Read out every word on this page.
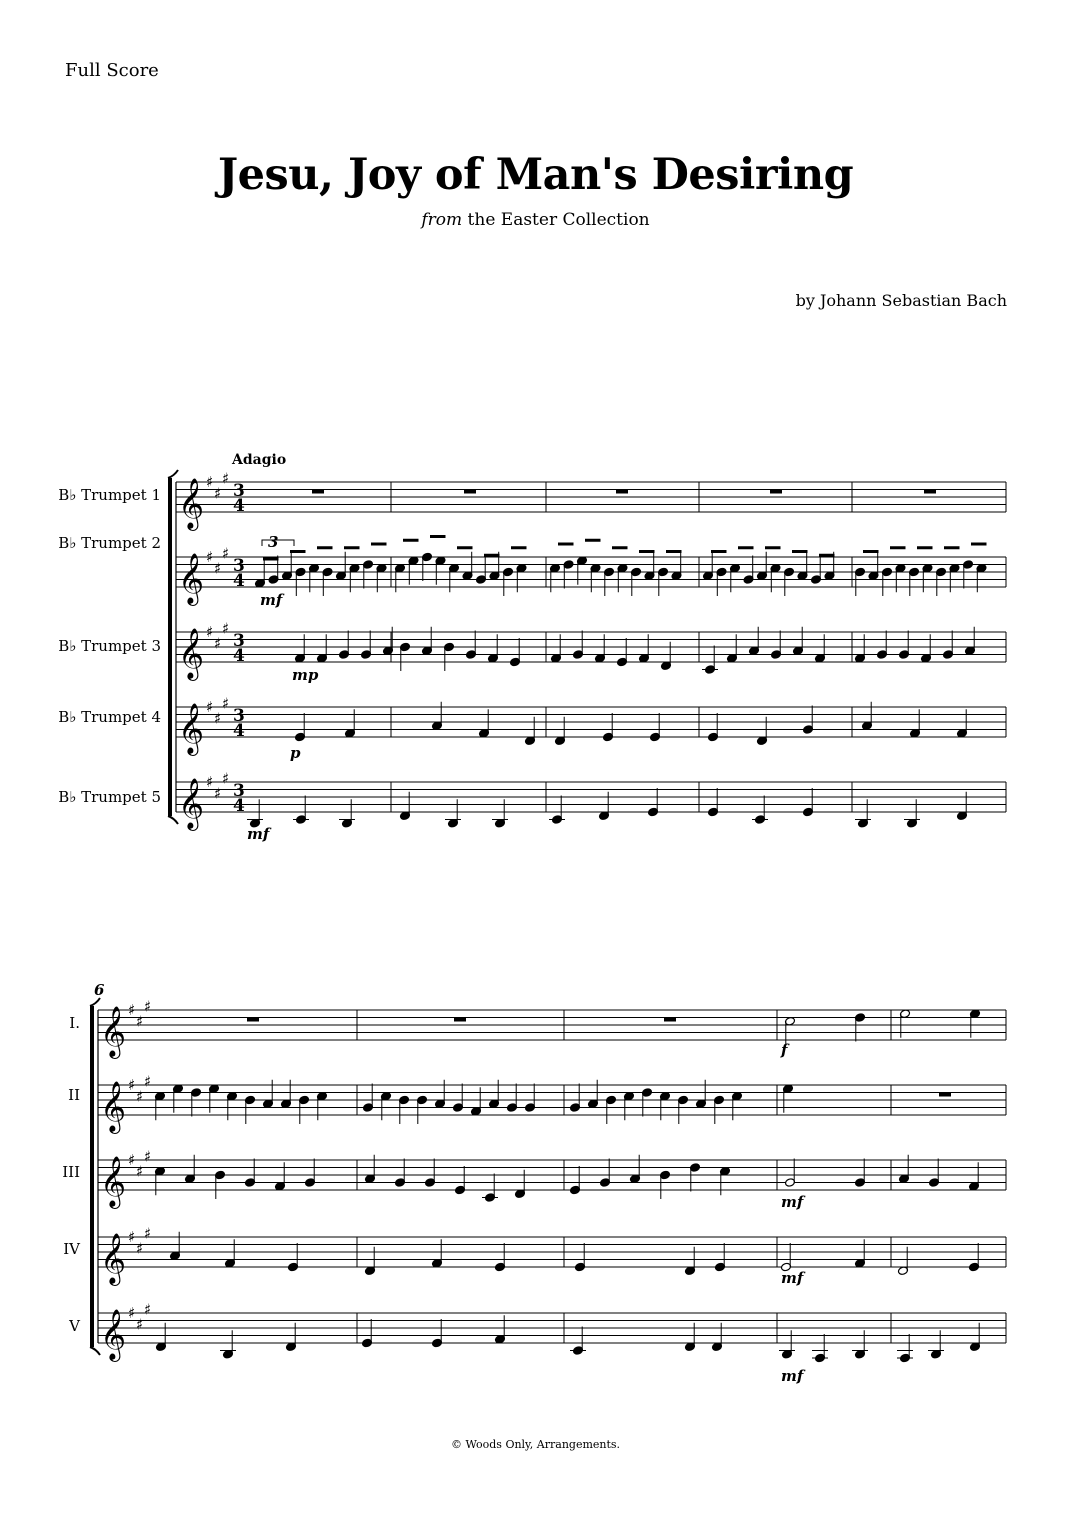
Full Score
Jesu, Joy of Man's Desiring
from the Easter Collection
by Johann Sebastian Bach
Adagio
B♭ Trumpet 1
B♭ Trumpet 2
B♭ Trumpet 3
B♭ Trumpet 4
B♭ Trumpet 5
𝄞 ♯
♯
♯
3
4
𝄞 ♯
♯
♯
3
4
𝄞 ♯
♯
♯
3
4
𝄞 ♯
♯
♯
3
4
𝄞 ♯
♯
♯
3
4
mf
mp
p
mf
3
6
I.
II
III
IV
V
𝄞 ♯
♯
♯
𝄞 ♯
♯
♯
𝄞 ♯
♯
♯
𝄞 ♯
♯
♯
𝄞 ♯
♯
♯
f
mf
mf
mf
© Woods Only, Arrangements.
